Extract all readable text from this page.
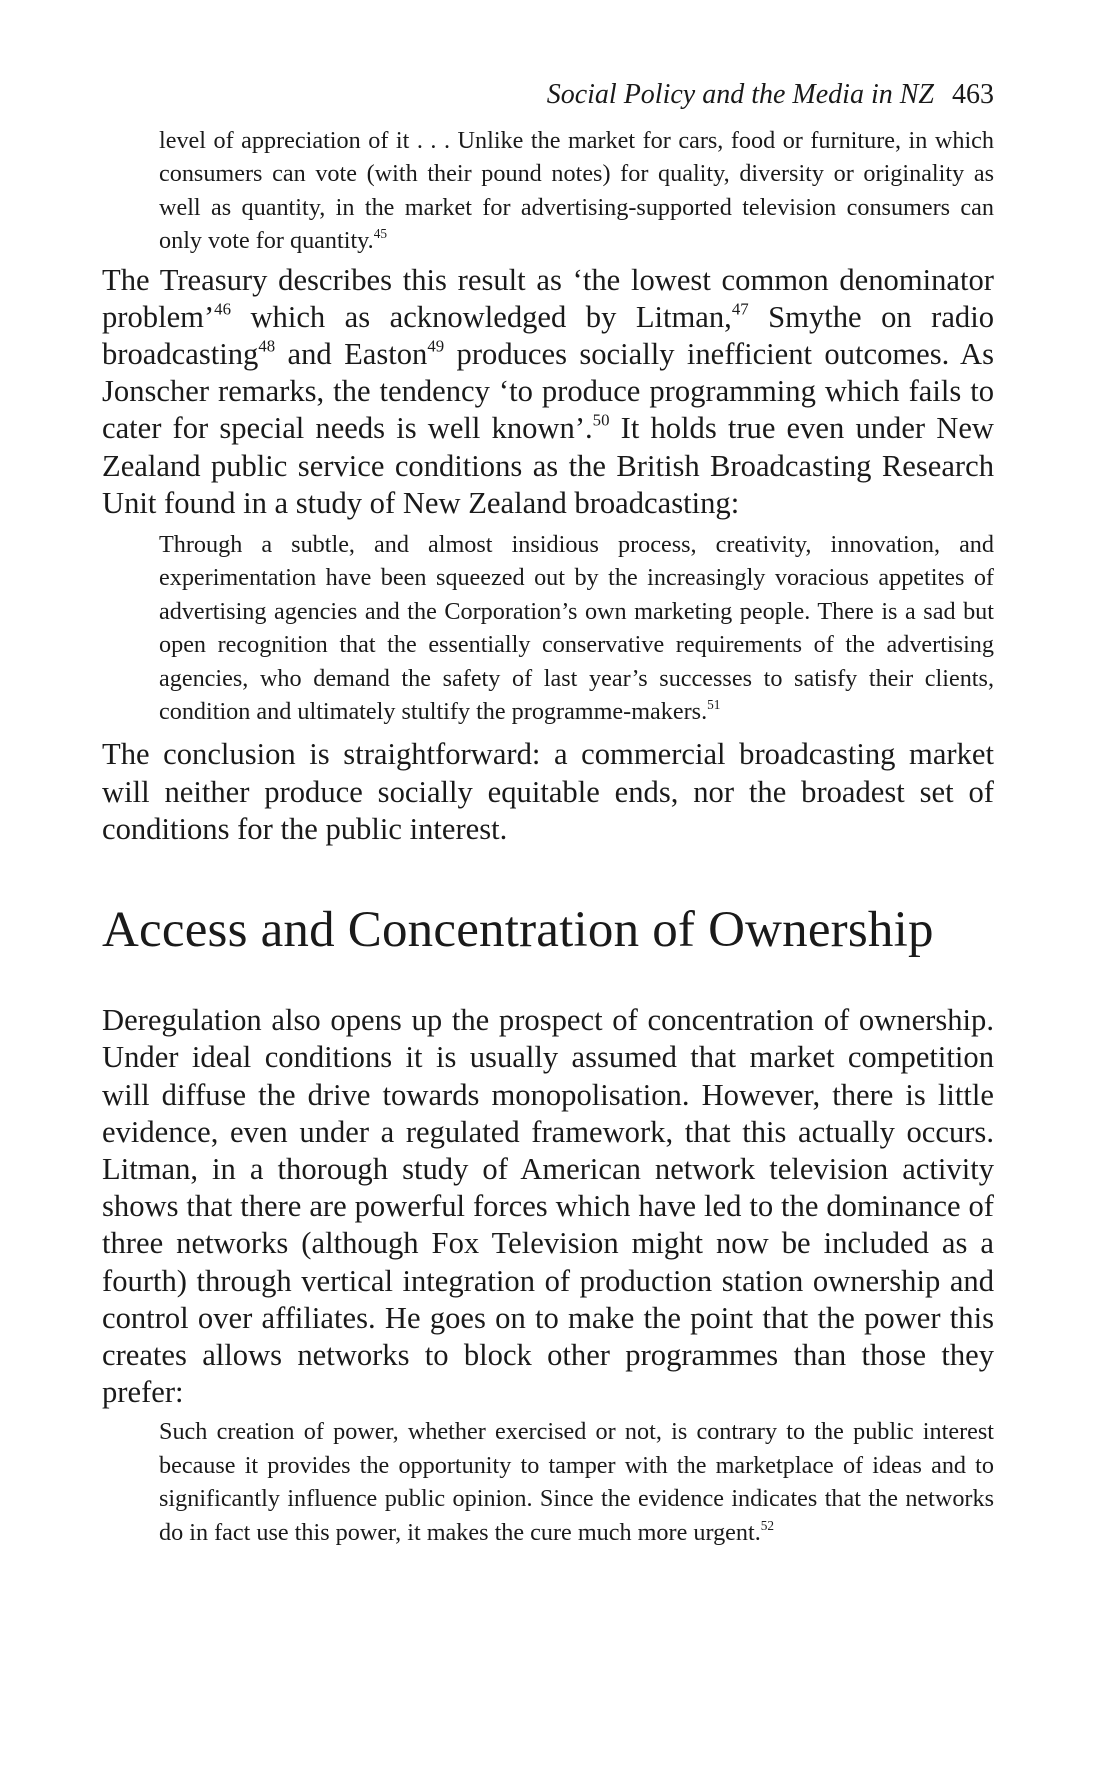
Social Policy and the Media in NZ 463

level of appreciation of it . . . Unlike the market for cars, food or furniture, in which consumers can vote (with their pound notes) for quality, diversity or originality as well as quantity, in the market for advertising-supported television consumers can only vote for quantity.$^{45}$

The Treasury describes this result as ‘the lowest common denominator problem’$^{46}$ which as acknowledged by Litman,$^{47}$ Smythe on radio broadcasting$^{48}$ and Easton$^{49}$ produces socially inefficient outcomes. As Jonscher remarks, the tendency ‘to produce programming which fails to cater for special needs is well known’.$^{50}$ It holds true even under New Zealand public service conditions as the British Broadcasting Research Unit found in a study of New Zealand broadcasting:

Through a subtle, and almost insidious process, creativity, innovation, and experimentation have been squeezed out by the increasingly voracious appetites of advertising agencies and the Corporation’s own marketing people. There is a sad but open recognition that the essentially conservative requirements of the advertising agencies, who demand the safety of last year’s successes to satisfy their clients, condition and ultimately stultify the programme-makers.$^{51}$

The conclusion is straightforward: a commercial broadcasting market will neither produce socially equitable ends, nor the broadest set of conditions for the public interest.

Access and Concentration of Ownership

Deregulation also opens up the prospect of concentration of ownership. Under ideal conditions it is usually assumed that market competition will diffuse the drive towards monopolisation. However, there is little evidence, even under a regulated framework, that this actually occurs. Litman, in a thorough study of American network television activity shows that there are powerful forces which have led to the dominance of three networks (although Fox Television might now be included as a fourth) through vertical integration of production station ownership and control over affiliates. He goes on to make the point that the power this creates allows networks to block other programmes than those they prefer:

Such creation of power, whether exercised or not, is contrary to the public interest because it provides the opportunity to tamper with the marketplace of ideas and to significantly influence public opinion. Since the evidence indicates that the networks do in fact use this power, it makes the cure much more urgent.$^{52}$
